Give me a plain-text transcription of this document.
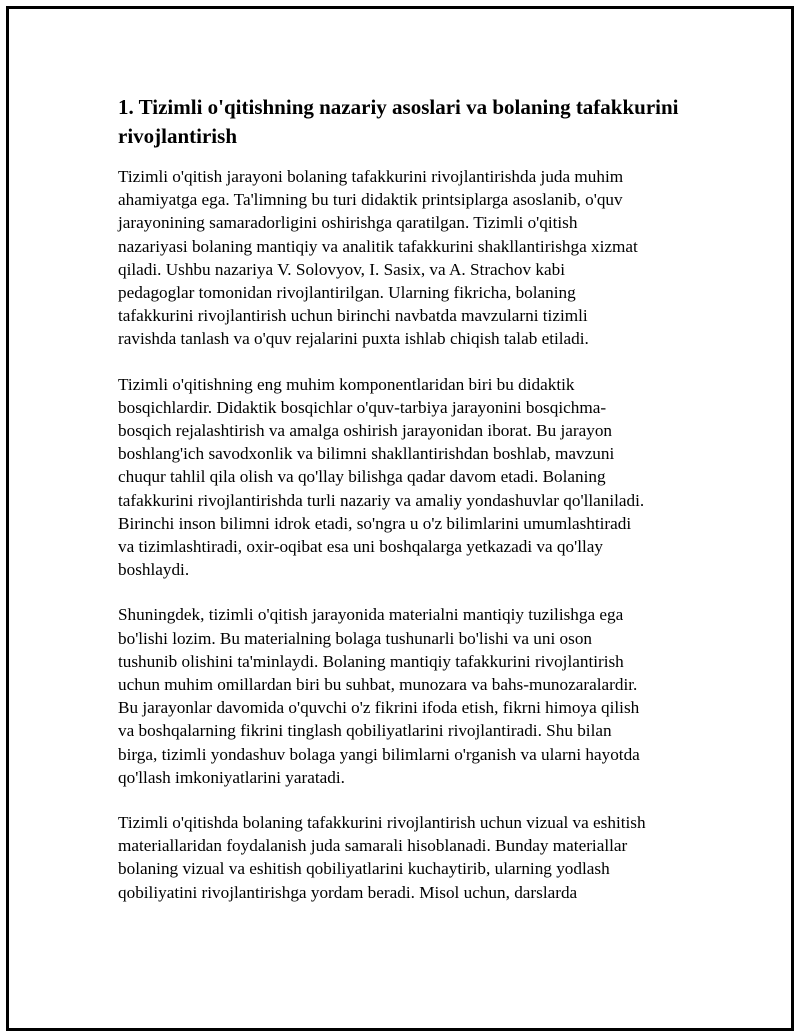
1. Tizimli o'qitishning nazariy asoslari va bolaning tafakkurini rivojlantirish

Tizimli o'qitish jarayoni bolaning tafakkurini rivojlantirishda juda muhim
ahamiyatga ega. Ta'limning bu turi didaktik printsiplarga asoslanib, o'quv
jarayonining samaradorligini oshirishga qaratilgan. Tizimli o'qitish
nazariyasi bolaning mantiqiy va analitik tafakkurini shakllantirishga xizmat
qiladi. Ushbu nazariya V. Solovyov, I. Sasix, va A. Strachov kabi
pedagoglar tomonidan rivojlantirilgan. Ularning fikricha, bolaning
tafakkurini rivojlantirish uchun birinchi navbatda mavzularni tizimli
ravishda tanlash va o'quv rejalarini puxta ishlab chiqish talab etiladi.

Tizimli o'qitishning eng muhim komponentlaridan biri bu didaktik
bosqichlardir. Didaktik bosqichlar o'quv-tarbiya jarayonini bosqichma-
bosqich rejalashtirish va amalga oshirish jarayonidan iborat. Bu jarayon
boshlang'ich savodxonlik va bilimni shakllantirishdan boshlab, mavzuni
chuqur tahlil qila olish va qo'llay bilishga qadar davom etadi. Bolaning
tafakkurini rivojlantirishda turli nazariy va amaliy yondashuvlar qo'llaniladi.
Birinchi inson bilimni idrok etadi, so'ngra u o'z bilimlarini umumlashtiradi
va tizimlashtiradi, oxir-oqibat esa uni boshqalarga yetkazadi va qo'llay
boshlaydi.

Shuningdek, tizimli o'qitish jarayonida materialni mantiqiy tuzilishga ega
bo'lishi lozim. Bu materialning bolaga tushunarli bo'lishi va uni oson
tushunib olishini ta'minlaydi. Bolaning mantiqiy tafakkurini rivojlantirish
uchun muhim omillardan biri bu suhbat, munozara va bahs-munozaralardir.
Bu jarayonlar davomida o'quvchi o'z fikrini ifoda etish, fikrni himoya qilish
va boshqalarning fikrini tinglash qobiliyatlarini rivojlantiradi. Shu bilan
birga, tizimli yondashuv bolaga yangi bilimlarni o'rganish va ularni hayotda
qo'llash imkoniyatlarini yaratadi.

Tizimli o'qitishda bolaning tafakkurini rivojlantirish uchun vizual va eshitish
materiallaridan foydalanish juda samarali hisoblanadi. Bunday materiallar
bolaning vizual va eshitish qobiliyatlarini kuchaytirib, ularning yodlash
qobiliyatini rivojlantirishga yordam beradi. Misol uchun, darslarda
